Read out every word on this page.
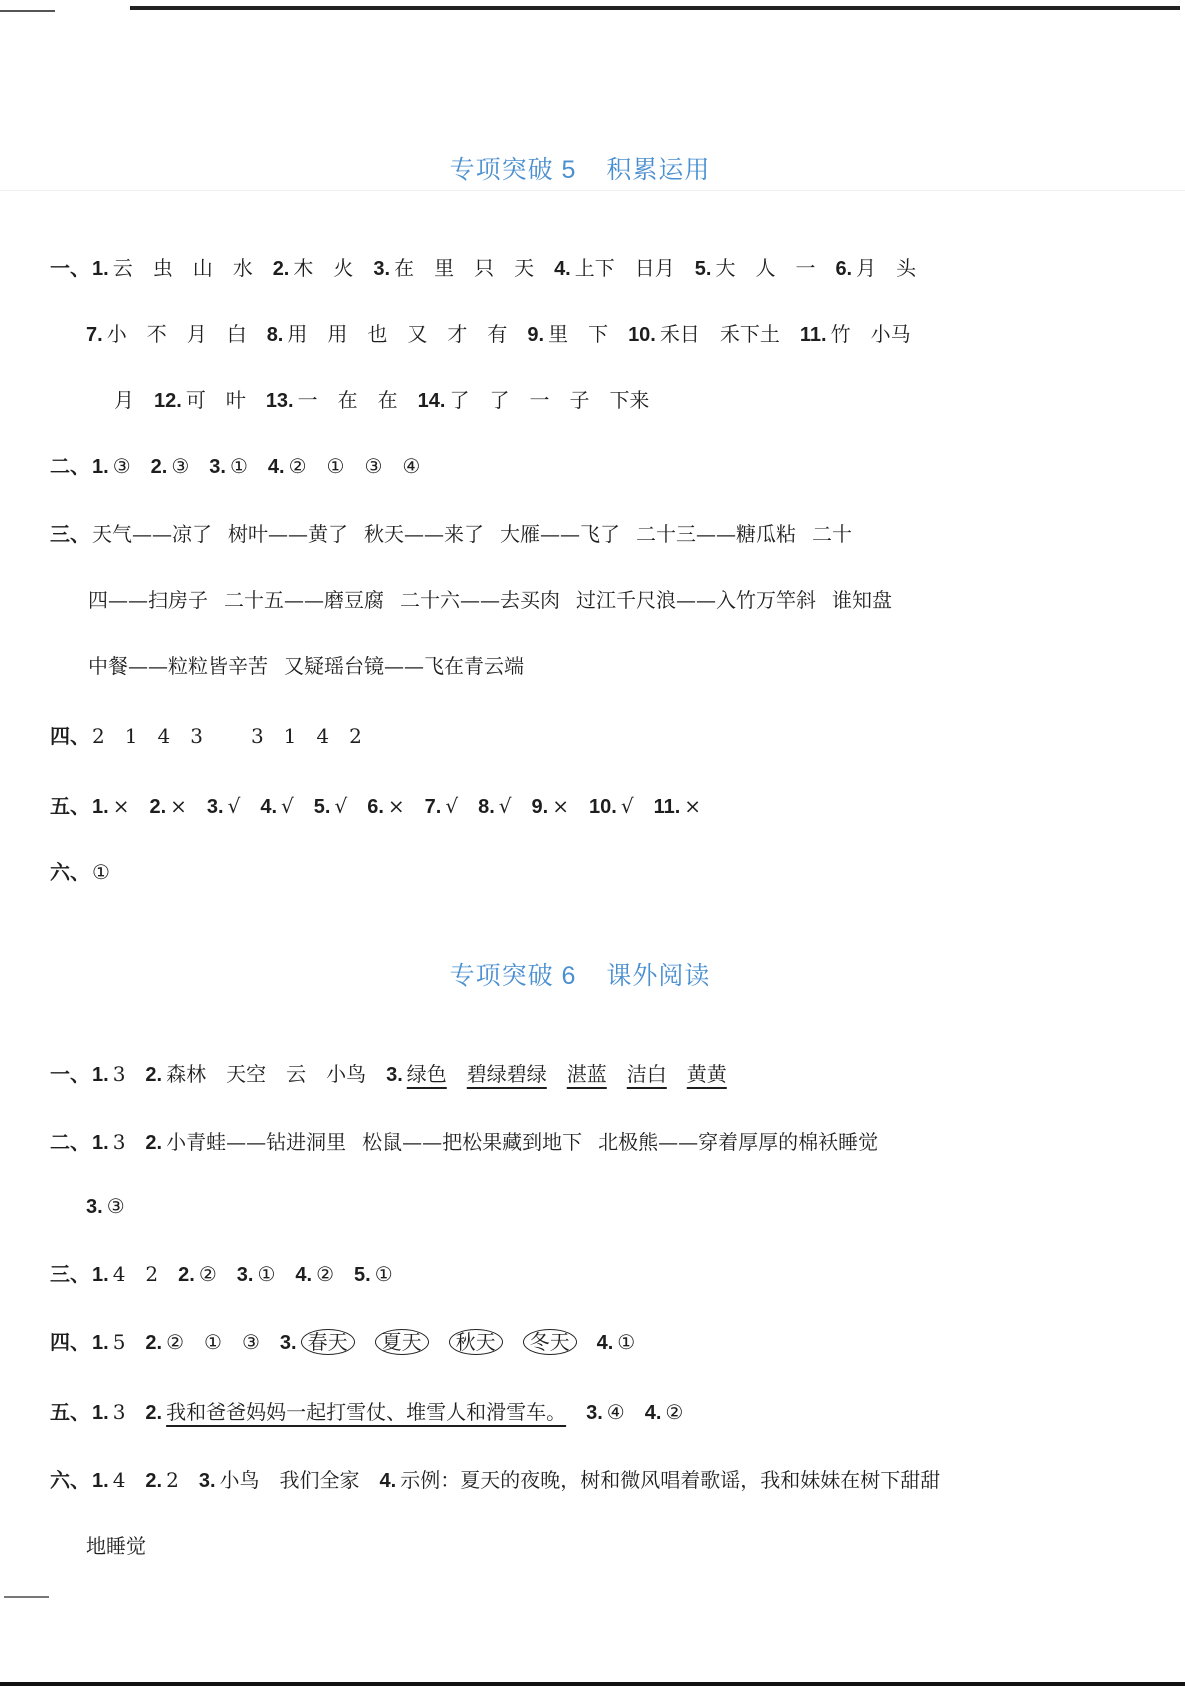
专项突破 5 积累运用
一、 1. 云 虫 山 水 2. 木 火 3. 在 里 只 天 4. 上下 日月 5. 大 人 一 6. 月 头
7. 小 不 月 白 8. 用 用 也 又 才 有 9. 里 下 10. 禾日 禾下土 11. 竹 小马
月 12. 可 叶 13. 一 在 在 14. 了 了 一 子 下来
二、 1. ③ 2. ③ 3. ① 4. ② ① ③ ④
三、 天气——凉了 树叶——黄了 秋天——来了 大雁——飞了 二十三——糖瓜粘 二十
四——扫房子 二十五——磨豆腐 二十六——去买肉 过江千尺浪——入竹万竿斜 谁知盘
中餐——粒粒皆辛苦 又疑瑶台镜——飞在青云端
四、 2 1 4 3 3 1 4 2
五、 1. × 2. × 3. √ 4. √ 5. √ 6. × 7. √ 8. √ 9. × 10. √ 11. ×
六、 ①
专项突破 6 课外阅读
一、 1. 3 2. 森林 天空 云 小鸟 3. 绿色 碧绿碧绿 湛蓝 洁白 黄黄
二、 1. 3 2. 小青蛙——钻进洞里 松鼠——把松果藏到地下 北极熊——穿着厚厚的棉袄睡觉
3. ③
三、 1. 4 2 2. ② 3. ① 4. ② 5. ①
四、 1. 5 2. ② ① ③ 3. 春天 夏天 秋天 冬天 4. ①
五、 1. 3 2. 我和爸爸妈妈一起打雪仗、堆雪人和滑雪车。 3. ④ 4. ②
六、 1. 4 2. 2 3. 小鸟 我们全家 4. 示例：夏天的夜晚，树和微风唱着歌谣，我和妹妹在树下甜甜
地睡觉
